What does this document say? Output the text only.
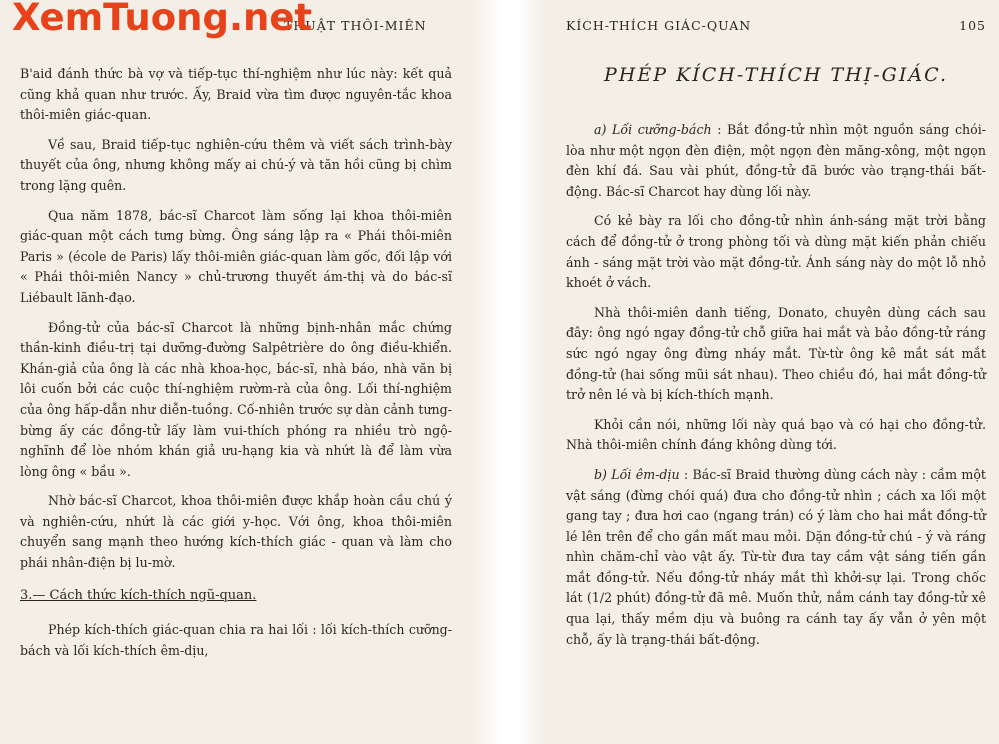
THUẬT THÔI-MIÊN

B'aid đánh thức bà vợ và tiếp-tục thí-nghiệm như lúc này: kết quả cũng khả quan như trước. Ấy, Braid vừa tìm được nguyên-tắc khoa thôi-miên giác-quan.

Về sau, Braid tiếp-tục nghiên-cứu thêm và viết sách trình-bày thuyết của ông, nhưng không mấy ai chú-ý và tăn hồi cũng bị chìm trong lặng quên.

Qua năm 1878, bác-sĩ Charcot làm sống lại khoa thôi-miên giác-quan một cách tưng bừng. Ông sáng lập ra « Phái thôi-miên Paris » (école de Paris) lấy thôi-miên giác-quan làm gốc, đối lập với « Phái thôi-miên Nancy » chủ-trương thuyết ám-thị và do bác-sĩ Liébault lãnh-đạo.

Đồng-tử của bác-sĩ Charcot là những bịnh-nhân mắc chứng thần-kinh điều-trị tại dưỡng-đường Salpêtrière do ông điều-khiển. Khán-giả của ông là các nhà khoa-học, bác-sĩ, nhà báo, nhà văn bị lôi cuốn bởi các cuộc thí-nghiệm rườm-rà của ông. Lối thí-nghiệm của ông hấp-dẫn như diễn-tuồng. Cố-nhiên trước sự dàn cảnh tưng-bừng ấy các đồng-tử lấy làm vui-thích phóng ra nhiều trò ngộ-nghĩnh để lòe nhóm khán giả ưu-hạng kia và nhứt là để làm vừa lòng ông « bầu ».

Nhờ bác-sĩ Charcot, khoa thôi-miên được khắp hoàn cầu chú ý và nghiên-cứu, nhứt là các giới y-học. Với ông, khoa thôi-miên chuyển sang mạnh theo hướng kích-thích giác - quan và làm cho phái nhân-điện bị lu-mờ.

3.— Cách thức kích-thích ngũ-quan.

Phép kích-thích giác-quan chia ra hai lối : lối kích-thích cưỡng-bách và lối kích-thích êm-dịu,

KÍCH-THÍCH GIÁC-QUAN	105
PHÉP KÍCH-THÍCH THỊ-GIÁC.

a) Lối cưỡng-bách : Bắt đồng-tử nhìn một nguồn sáng chói-lòa như một ngọn đèn điện, một ngọn đèn măng-xông, một ngọn đèn khí đá. Sau vài phút, đồng-tử đã bước vào trạng-thái bất-động. Bác-sĩ Charcot hay dùng lối này.

Có kẻ bày ra lối cho đồng-tử nhìn ánh-sáng mặt trời bằng cách để đồng-tử ở trong phòng tối và dùng mặt kiến phản chiếu ánh - sáng mặt trời vào mặt đồng-tử. Ánh sáng này do một lỗ nhỏ khoét ở vách.

Nhà thôi-miên danh tiếng, Donato, chuyên dùng cách sau đây: ông ngó ngay đồng-tử chỗ giữa hai mắt và bảo đồng-tử ráng sức ngó ngay ông đừng nháy mắt. Từ-từ ông kê mắt sát mắt đồng-tử (hai sống mũi sát nhau). Theo chiều đó, hai mắt đồng-tử trở nên lé và bị kích-thích mạnh.

Khỏi cần nói, những lối này quá bạo và có hại cho đồng-tử. Nhà thôi-miên chính đáng không dùng tới.

b) Lối êm-dịu : Bác-sĩ Braid thường dùng cách này : cầm một vật sáng (đừng chói quá) đưa cho đồng-tử nhìn ; cách xa lối một gang tay ; đưa hơi cao (ngang trán) có ý làm cho hai mắt đồng-tử lé lên trên để cho gần mất mau mỏi. Dặn đồng-tử chú - ý và ráng nhìn chăm-chỉ vào vật ấy. Từ-từ đưa tay cầm vật sáng tiến gần mắt đồng-tử. Nếu đồng-tử nháy mắt thì khởi-sự lại. Trong chốc lát (1/2 phút) đồng-tử đã mê. Muốn thử, nắm cánh tay đồng-tử xê qua lại, thấy mềm dịu và buông ra cánh tay ấy vẫn ở yên một chỗ, ấy là trạng-thái bất-động.

XemTuong.net
